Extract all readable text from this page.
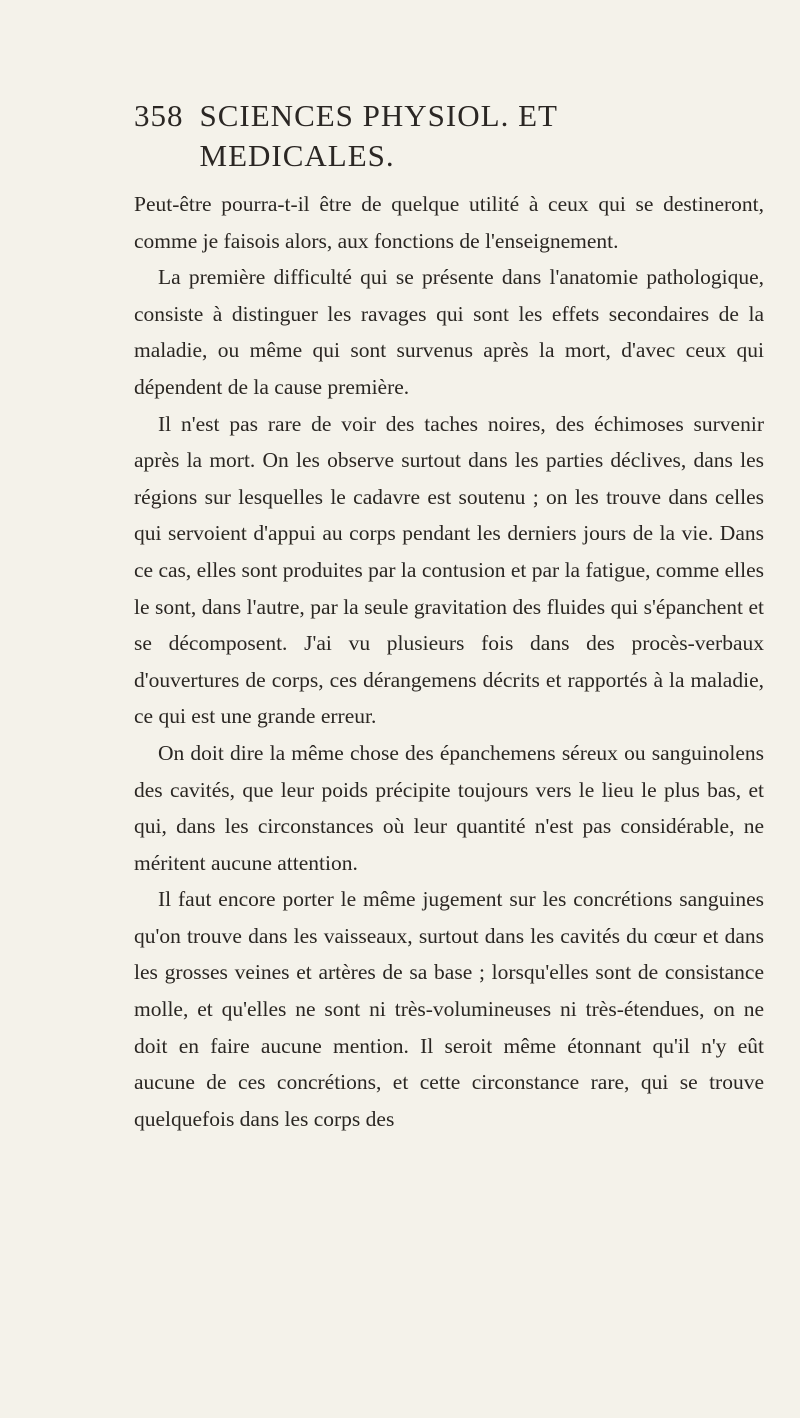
358 SCIENCES PHYSIOL. ET MEDICALES.

Peut-être pourra-t-il être de quelque utilité à ceux qui se destineront, comme je faisois alors, aux fonctions de l'enseignement.

La première difficulté qui se présente dans l'anatomie pathologique, consiste à distinguer les ravages qui sont les effets secondaires de la maladie, ou même qui sont survenus après la mort, d'avec ceux qui dépendent de la cause première.

Il n'est pas rare de voir des taches noires, des échimoses survenir après la mort. On les observe surtout dans les parties déclives, dans les régions sur lesquelles le cadavre est soutenu ; on les trouve dans celles qui servoient d'appui au corps pendant les derniers jours de la vie. Dans ce cas, elles sont produites par la contusion et par la fatigue, comme elles le sont, dans l'autre, par la seule gravitation des fluides qui s'épanchent et se décomposent. J'ai vu plusieurs fois dans des procès-verbaux d'ouvertures de corps, ces dérangemens décrits et rapportés à la maladie, ce qui est une grande erreur.

On doit dire la même chose des épanchemens séreux ou sanguinolens des cavités, que leur poids précipite toujours vers le lieu le plus bas, et qui, dans les circonstances où leur quantité n'est pas considérable, ne méritent aucune attention.

Il faut encore porter le même jugement sur les concrétions sanguines qu'on trouve dans les vaisseaux, surtout dans les cavités du cœur et dans les grosses veines et artères de sa base ; lorsqu'elles sont de consistance molle, et qu'elles ne sont ni très-volumineuses ni très-étendues, on ne doit en faire aucune mention. Il seroit même étonnant qu'il n'y eût aucune de ces concrétions, et cette circonstance rare, qui se trouve quelquefois dans les corps des
